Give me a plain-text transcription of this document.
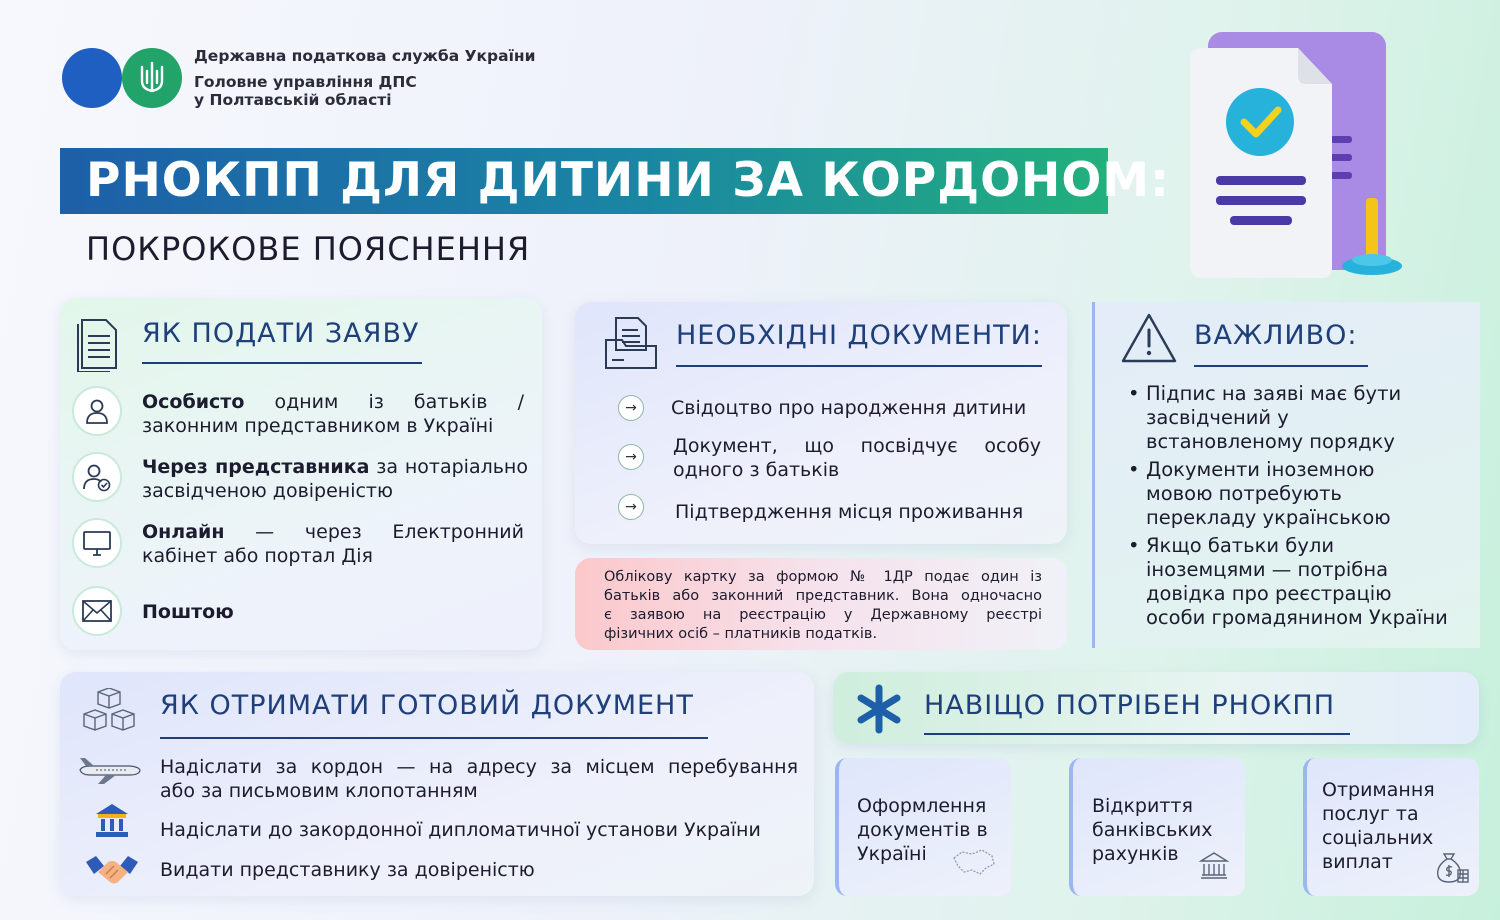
Державна податкова служба України
Головне управління ДПС
у Полтавській області
РНОКПП ДЛЯ ДИТИНИ ЗА КОРДОНОМ:
ПОКРОКОВЕ ПОЯСНЕННЯ
ЯК ПОДАТИ ЗАЯВУ
Особисто одним із батьків /
законним представником в Україні
Через представника за нотаріально
засвідченою довіреністю
Онлайн — через Електронний
кабінет або портал Дія
Поштою
НЕОБХІДНІ ДОКУМЕНТИ:
→	Свідоцтво про народження дитини
→	Документ, що посвідчує особу
одного з батьків
→	Підтвердження місця проживання
Облікову картку за формою № 1ДР подає один із
батьків або законний представник. Вона одночасно
є заявою на реєстрацію у Державному реєстрі
фізичних осіб – платників податків.
ВАЖЛИВО:
• Підпис на заяві має бути
засвідчений у
встановленому порядку
• Документи іноземною
мовою потребують
перекладу українською
• Якщо батьки були
іноземцями — потрібна
довідка про реєстрацію
особи громадянином України
ЯК ОТРИМАТИ ГОТОВИЙ ДОКУМЕНТ
Надіслати за кордон — на адресу за місцем перебування
або за письмовим клопотанням
Надіслати до закордонної дипломатичної установи України
Видати представнику за довіреністю
НАВІЩО ПОТРІБЕН РНОКПП
Оформлення
документів в
Україні
Відкриття
банківських
рахунків
Отримання
послуг та
соціальних
виплат
